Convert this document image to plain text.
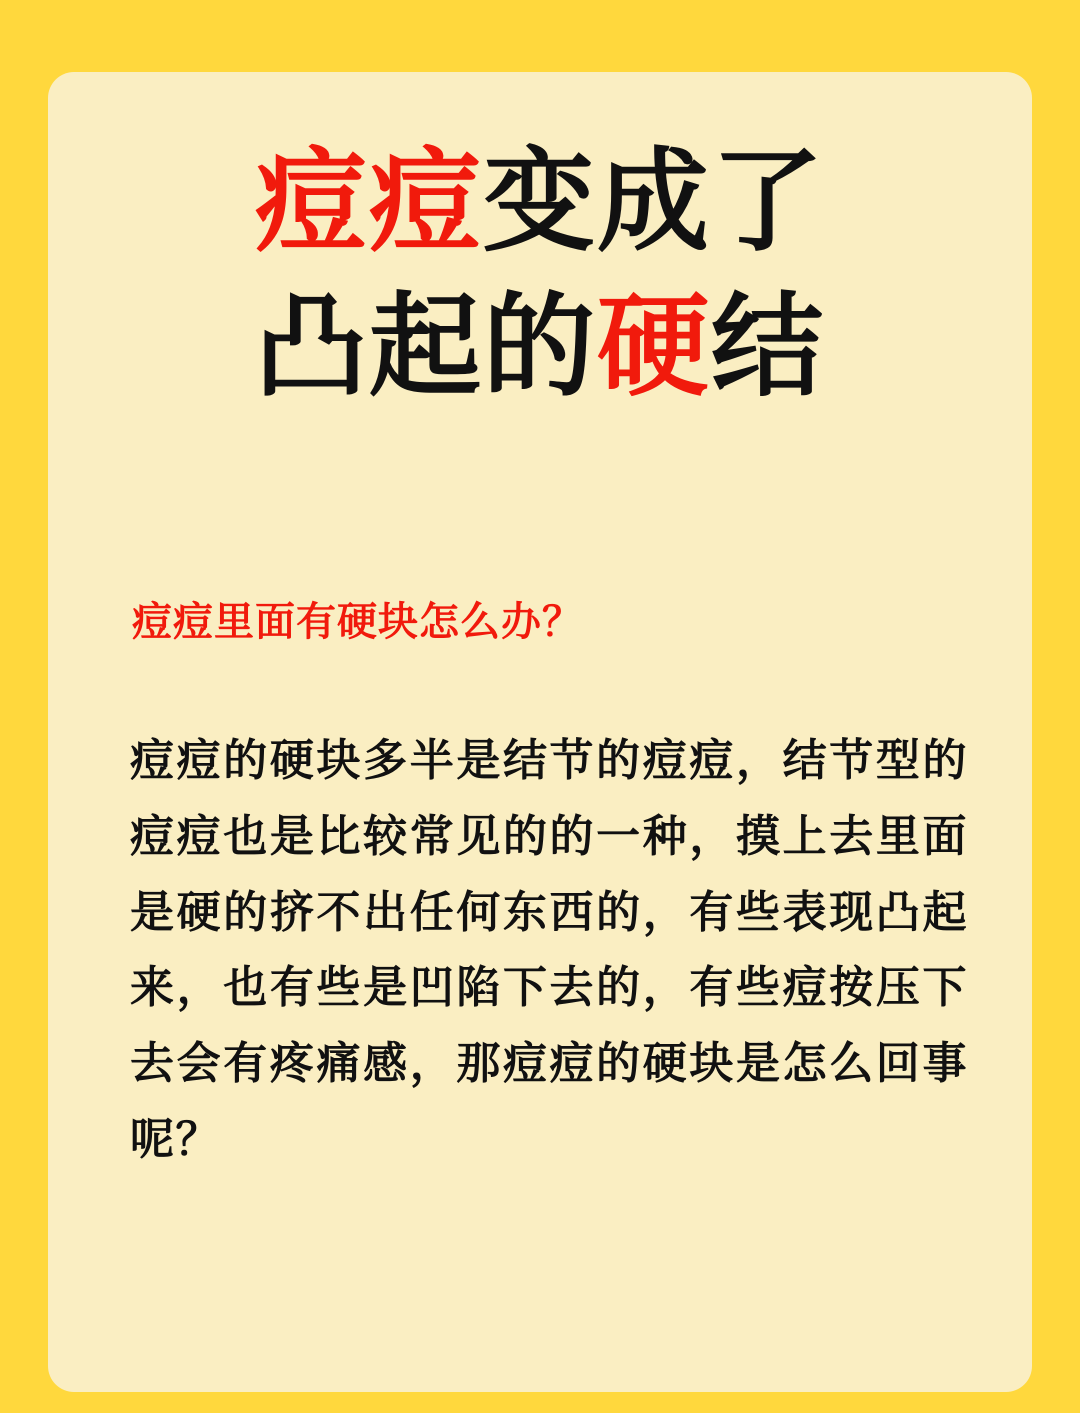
痘痘变成了
凸起的硬结
痘痘里面有硬块怎么办？
痘痘的硬块多半是结节的痘痘，结节型的痘痘也是比较常见的的一种，摸上去里面是硬的挤不出任何东西的，有些表现凸起来，也有些是凹陷下去的，有些痘按压下去会有疼痛感，那痘痘的硬块是怎么回事呢？
